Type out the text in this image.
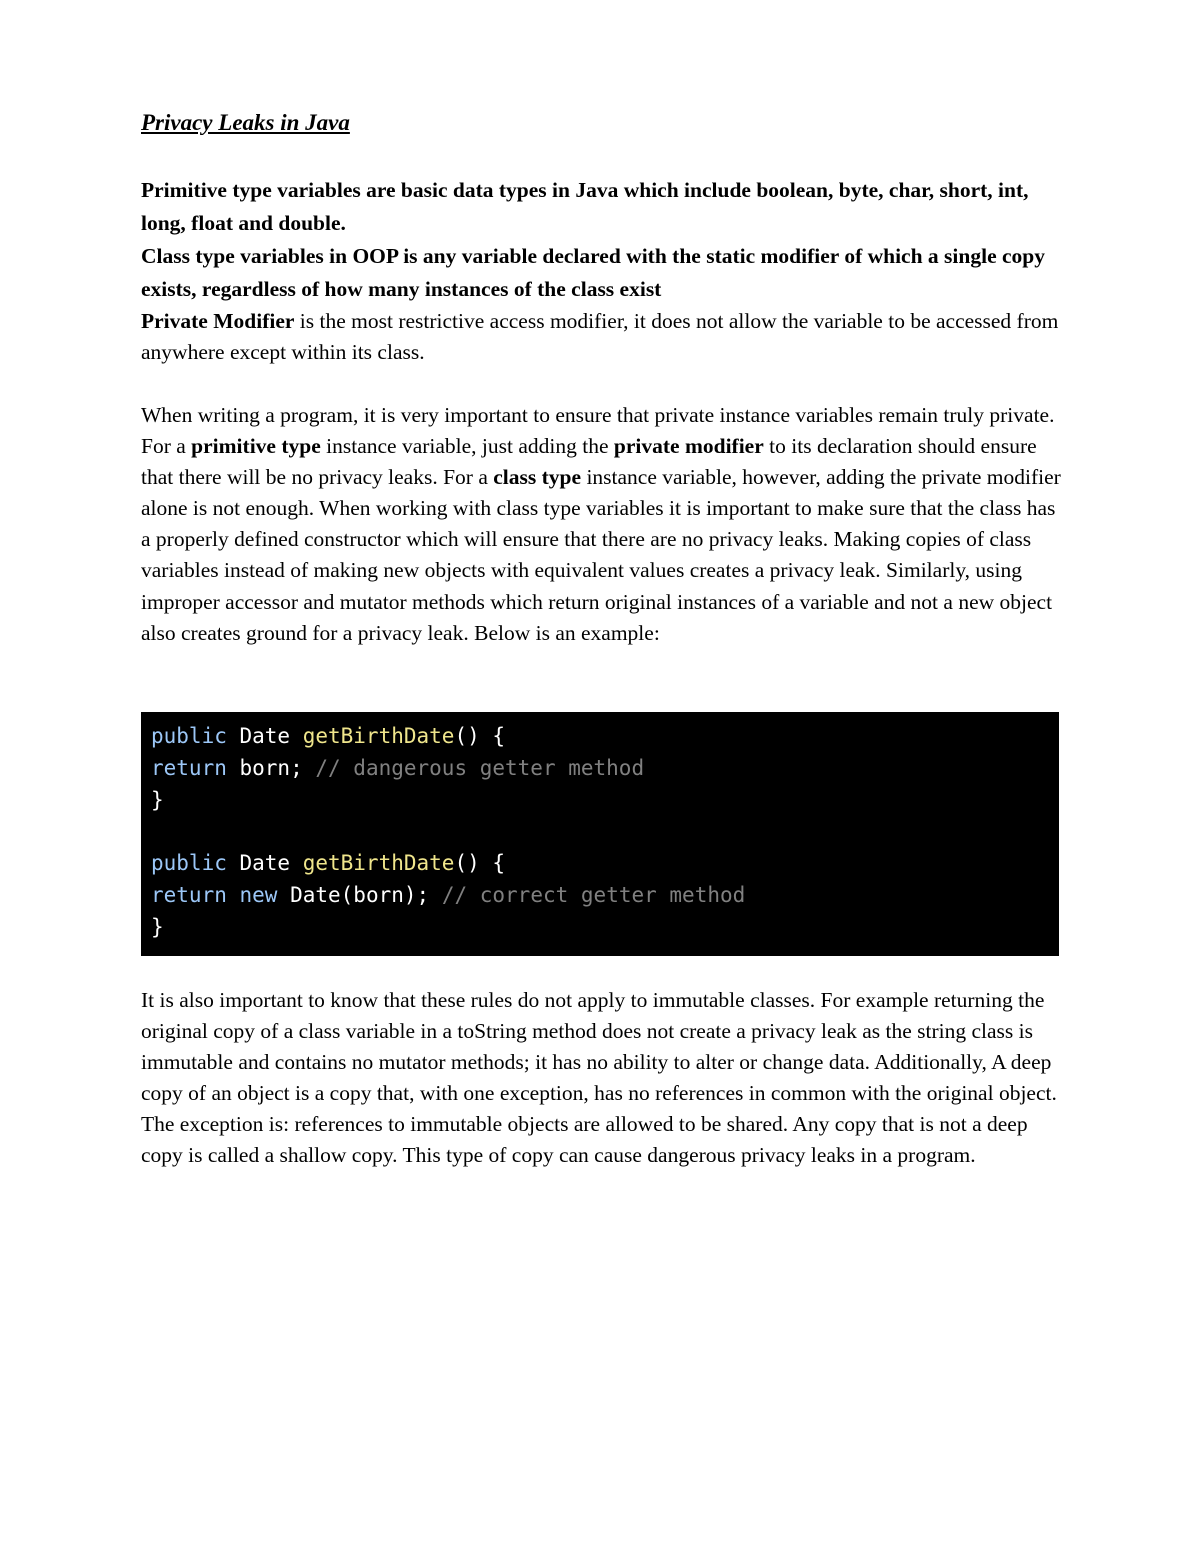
Privacy Leaks in Java

Primitive type variables are basic data types in Java which include boolean, byte, char, short, int, long, float and double.

Class type variables in OOP is any variable declared with the static modifier of which a single copy exists, regardless of how many instances of the class exist

Private Modifier is the most restrictive access modifier, it does not allow the variable to be accessed from anywhere except within its class.

When writing a program, it is very important to ensure that private instance variables remain truly private. For a primitive type instance variable, just adding the private modifier to its declaration should ensure that there will be no privacy leaks. For a class type instance variable, however, adding the private modifier alone is not enough. When working with class type variables it is important to make sure that the class has a properly defined constructor which will ensure that there are no privacy leaks. Making copies of class variables instead of making new objects with equivalent values creates a privacy leak. Similarly, using improper accessor and mutator methods which return original instances of a variable and not a new object also creates ground for a privacy leak. Below is an example:

public Date getBirthDate() {
return born; // dangerous getter method
}
public Date getBirthDate() {
return new Date(born); // correct getter method
}

It is also important to know that these rules do not apply to immutable classes. For example returning the original copy of a class variable in a toString method does not create a privacy leak as the string class is immutable and contains no mutator methods; it has no ability to alter or change data. Additionally, A deep copy of an object is a copy that, with one exception, has no references in common with the original object. The exception is: references to immutable objects are allowed to be shared. Any copy that is not a deep copy is called a shallow copy. This type of copy can cause dangerous privacy leaks in a program.
